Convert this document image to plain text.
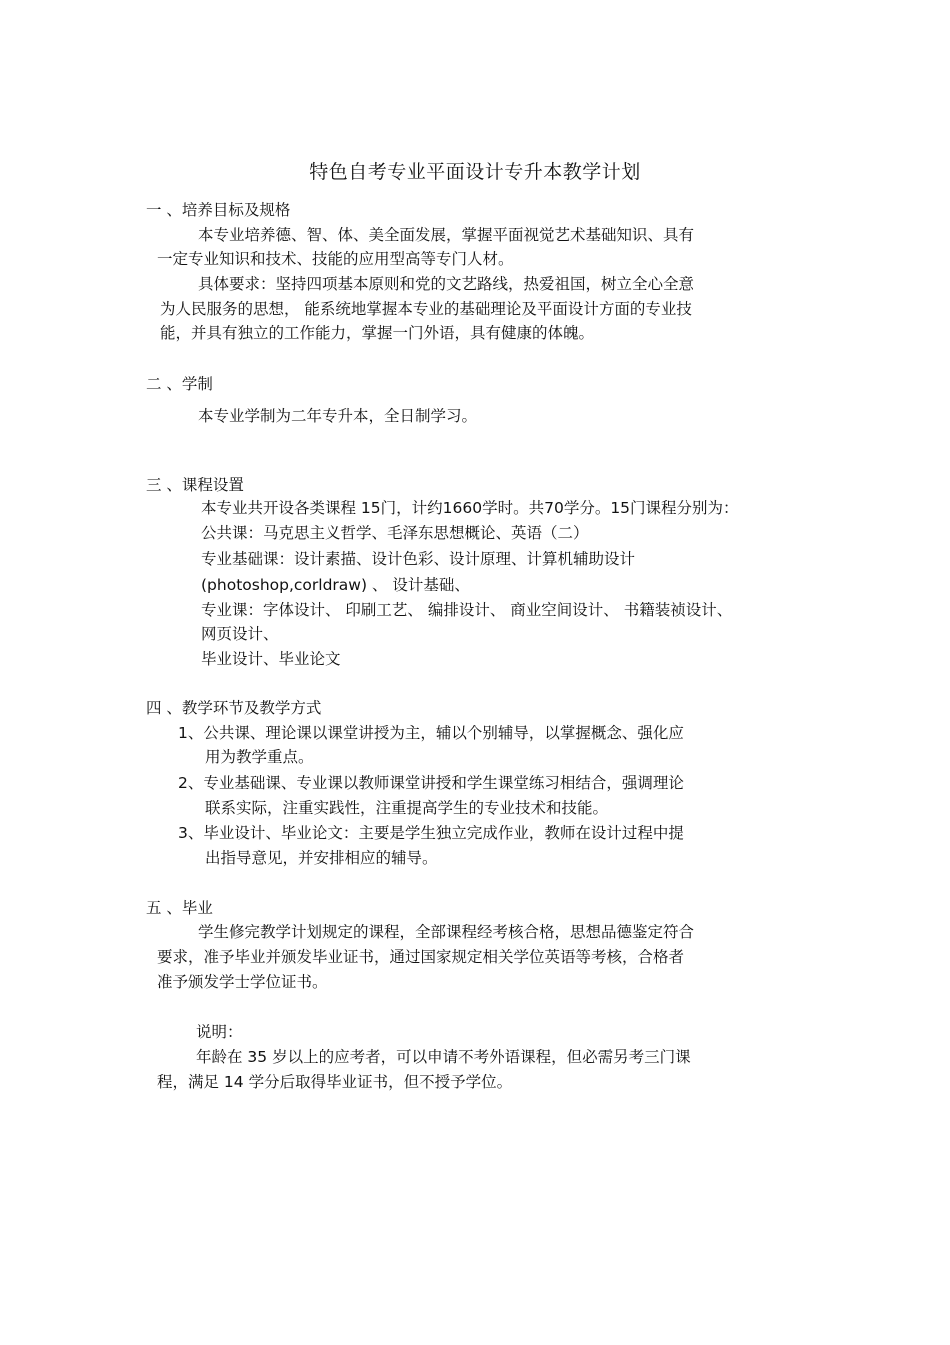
特色自考专业平面设计专升本教学计划
一 、培养目标及规格
本专业培养德、智、体、美全面发展，掌握平面视觉艺术基础知识、具有
一定专业知识和技术、技能的应用型高等专门人材。
具体要求：坚持四项基本原则和党的文艺路线，热爱祖国，树立全心全意
为人民服务的思想， 能系统地掌握本专业的基础理论及平面设计方面的专业技
能，并具有独立的工作能力，掌握一门外语，具有健康的体魄。
二 、学制
本专业学制为二年专升本，全日制学习。
三 、课程设置
本专业共开设各类课程 15门，计约1660学时。共70学分。15门课程分别为：
公共课：马克思主义哲学、毛泽东思想概论、英语（二）
专业基础课：设计素描、设计色彩、设计原理、计算机辅助设计
(photoshop,corldraw) 、 设计基础、
专业课：字体设计、 印刷工艺、 编排设计、 商业空间设计、 书籍装祯设计、
网页设计、
毕业设计、毕业论文
四 、教学环节及教学方式
1、公共课、理论课以课堂讲授为主，辅以个别辅导，以掌握概念、强化应
用为教学重点。
2、专业基础课、专业课以教师课堂讲授和学生课堂练习相结合，强调理论
联系实际，注重实践性，注重提高学生的专业技术和技能。
3、毕业设计、毕业论文：主要是学生独立完成作业，教师在设计过程中提
出指导意见，并安排相应的辅导。
五 、毕业
学生修完教学计划规定的课程，全部课程经考核合格，思想品德鉴定符合
要求，准予毕业并颁发毕业证书，通过国家规定相关学位英语等考核，合格者
准予颁发学士学位证书。
说明：
年龄在 35 岁以上的应考者，可以申请不考外语课程，但必需另考三门课
程，满足 14 学分后取得毕业证书，但不授予学位。
